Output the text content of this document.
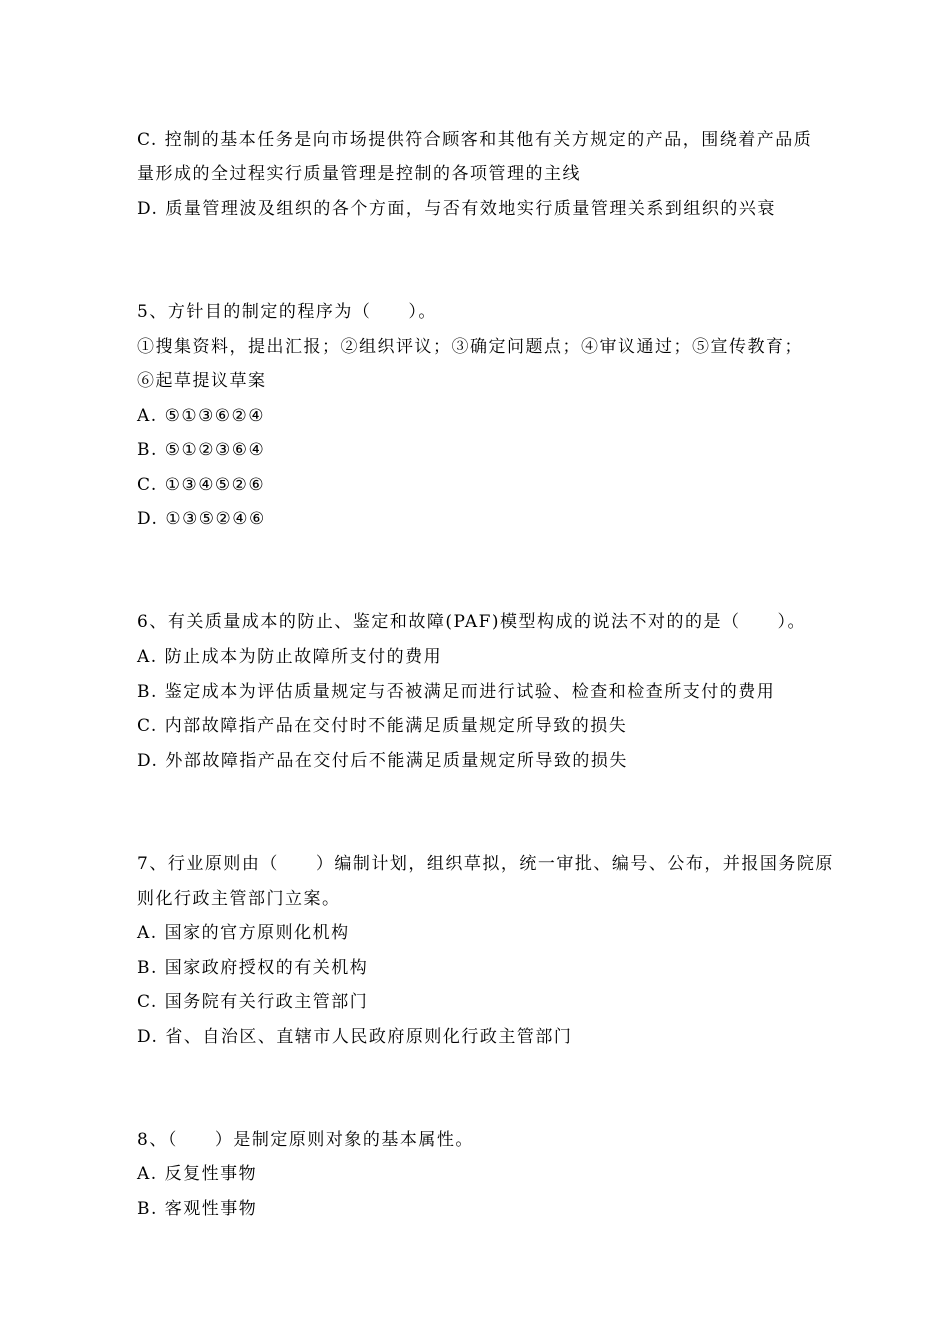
C. 控制的基本任务是向市场提供符合顾客和其他有关方规定的产品，围绕着产品质
量形成的全过程实行质量管理是控制的各项管理的主线
D. 质量管理波及组织的各个方面，与否有效地实行质量管理关系到组织的兴衰
5、方针目的制定的程序为（　　）。
①搜集资料，提出汇报；②组织评议；③确定问题点；④审议通过；⑤宣传教育；
⑥起草提议草案
A. ⑤①③⑥②④
B. ⑤①②③⑥④
C. ①③④⑤②⑥
D. ①③⑤②④⑥
6、有关质量成本的防止、鉴定和故障(PAF)模型构成的说法不对的的是（　　）。
A. 防止成本为防止故障所支付的费用
B. 鉴定成本为评估质量规定与否被满足而进行试验、检查和检查所支付的费用
C. 内部故障指产品在交付时不能满足质量规定所导致的损失
D. 外部故障指产品在交付后不能满足质量规定所导致的损失
7、行业原则由（　　）编制计划，组织草拟，统一审批、编号、公布，并报国务院原
则化行政主管部门立案。
A. 国家的官方原则化机构
B. 国家政府授权的有关机构
C. 国务院有关行政主管部门
D. 省、自治区、直辖市人民政府原则化行政主管部门
8、（　　）是制定原则对象的基本属性。
A. 反复性事物
B. 客观性事物
